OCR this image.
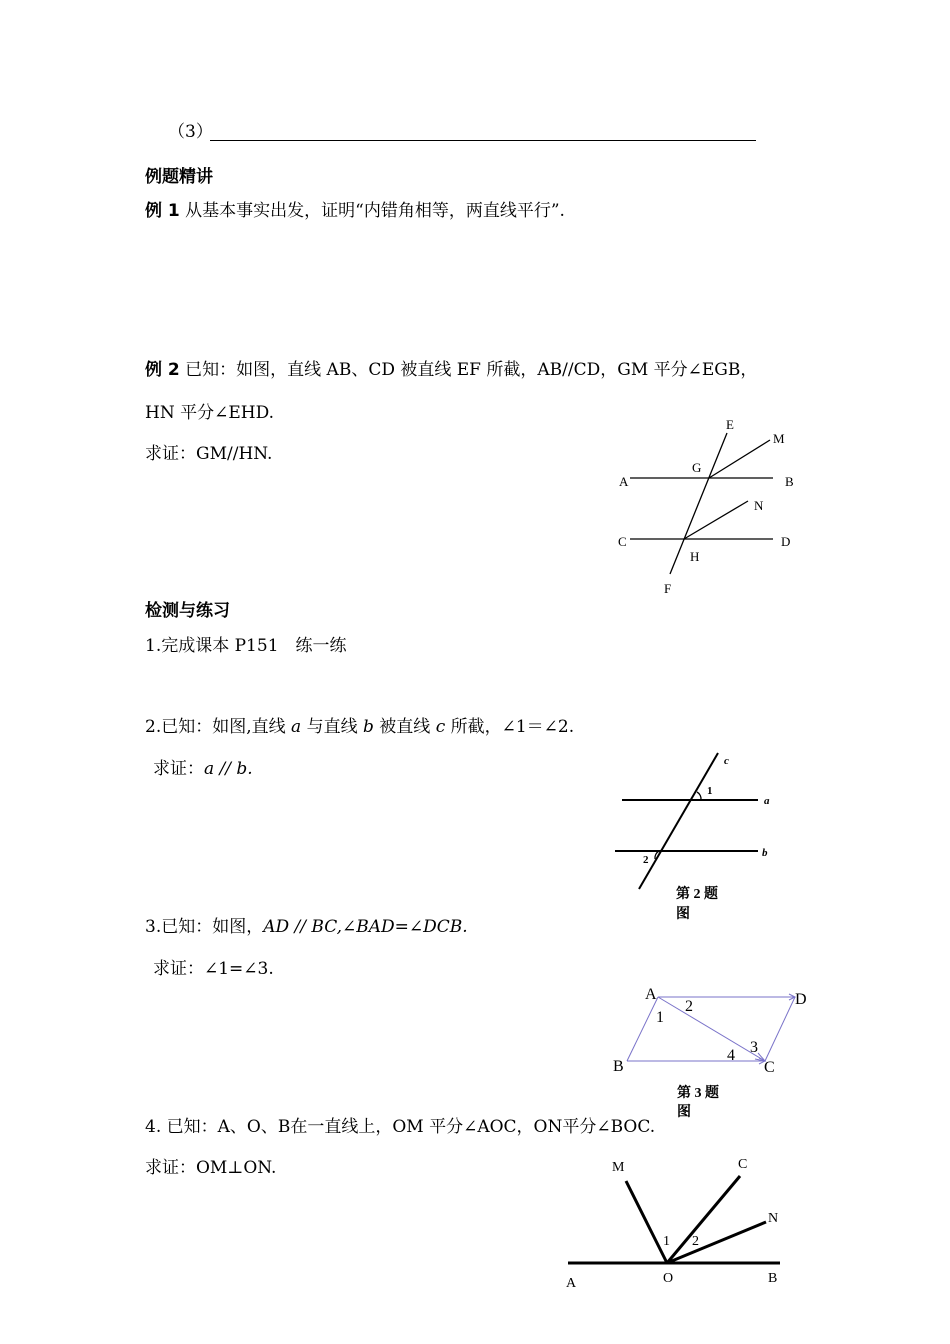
（3）
例题精讲
例 1 从基本事实出发，证明“内错角相等，两直线平行”.
例 2 已知：如图，直线 AB、CD 被直线 EF 所截，AB//CD，GM 平分∠EGB，
HN 平分∠EHD.
求证：GM//HN.
检测与练习
1.完成课本 P151　练一练
2.已知：如图,直线 a 与直线 b 被直线 c 所截，∠1＝∠2.
求证：a // b.
3.已知：如图，AD // BC,∠BAD=∠DCB.
求证：∠1=∠3.
4. 已知：A、O、B在一直线上，OM 平分∠AOC，ON平分∠BOC.
求证：OM⊥ON.
E
M
G
A	B
N
C	D
H
F
c
a
b
1
2
第 2 题
图
A	D
B	C
1
2
3
4
第 3 题
图
M	C
N
1 2
A	O	B
